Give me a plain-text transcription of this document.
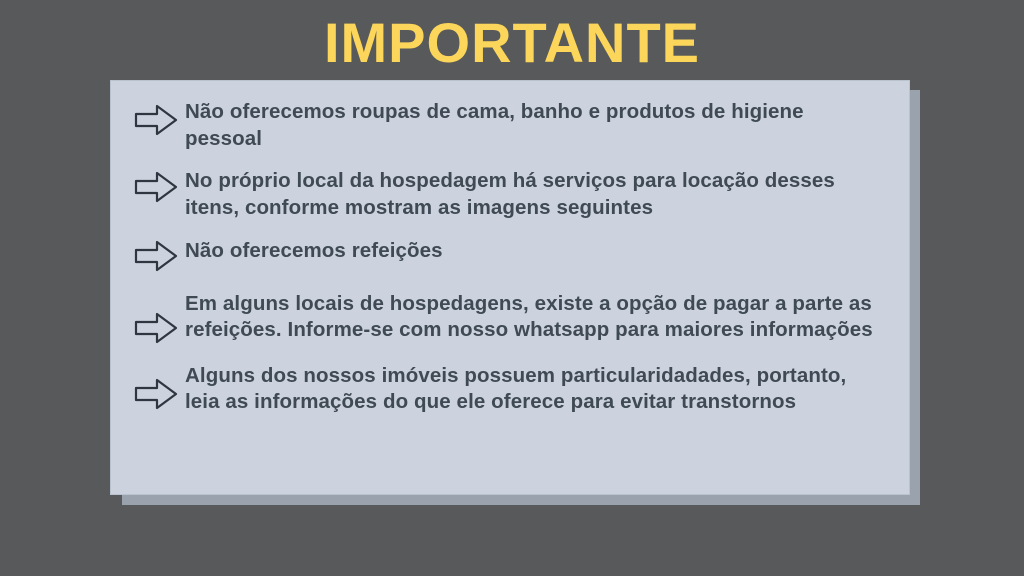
IMPORTANTE
Não oferecemos roupas de cama, banho e produtos de higiene pessoal
No próprio local da hospedagem há serviços para locação desses itens, conforme mostram as imagens seguintes
Não oferecemos refeições
Em alguns locais de hospedagens, existe a opção de pagar a parte as refeições. Informe-se com nosso whatsapp para maiores informações
Alguns dos nossos imóveis possuem particularidadades, portanto, leia as informações do que ele oferece para evitar transtornos
